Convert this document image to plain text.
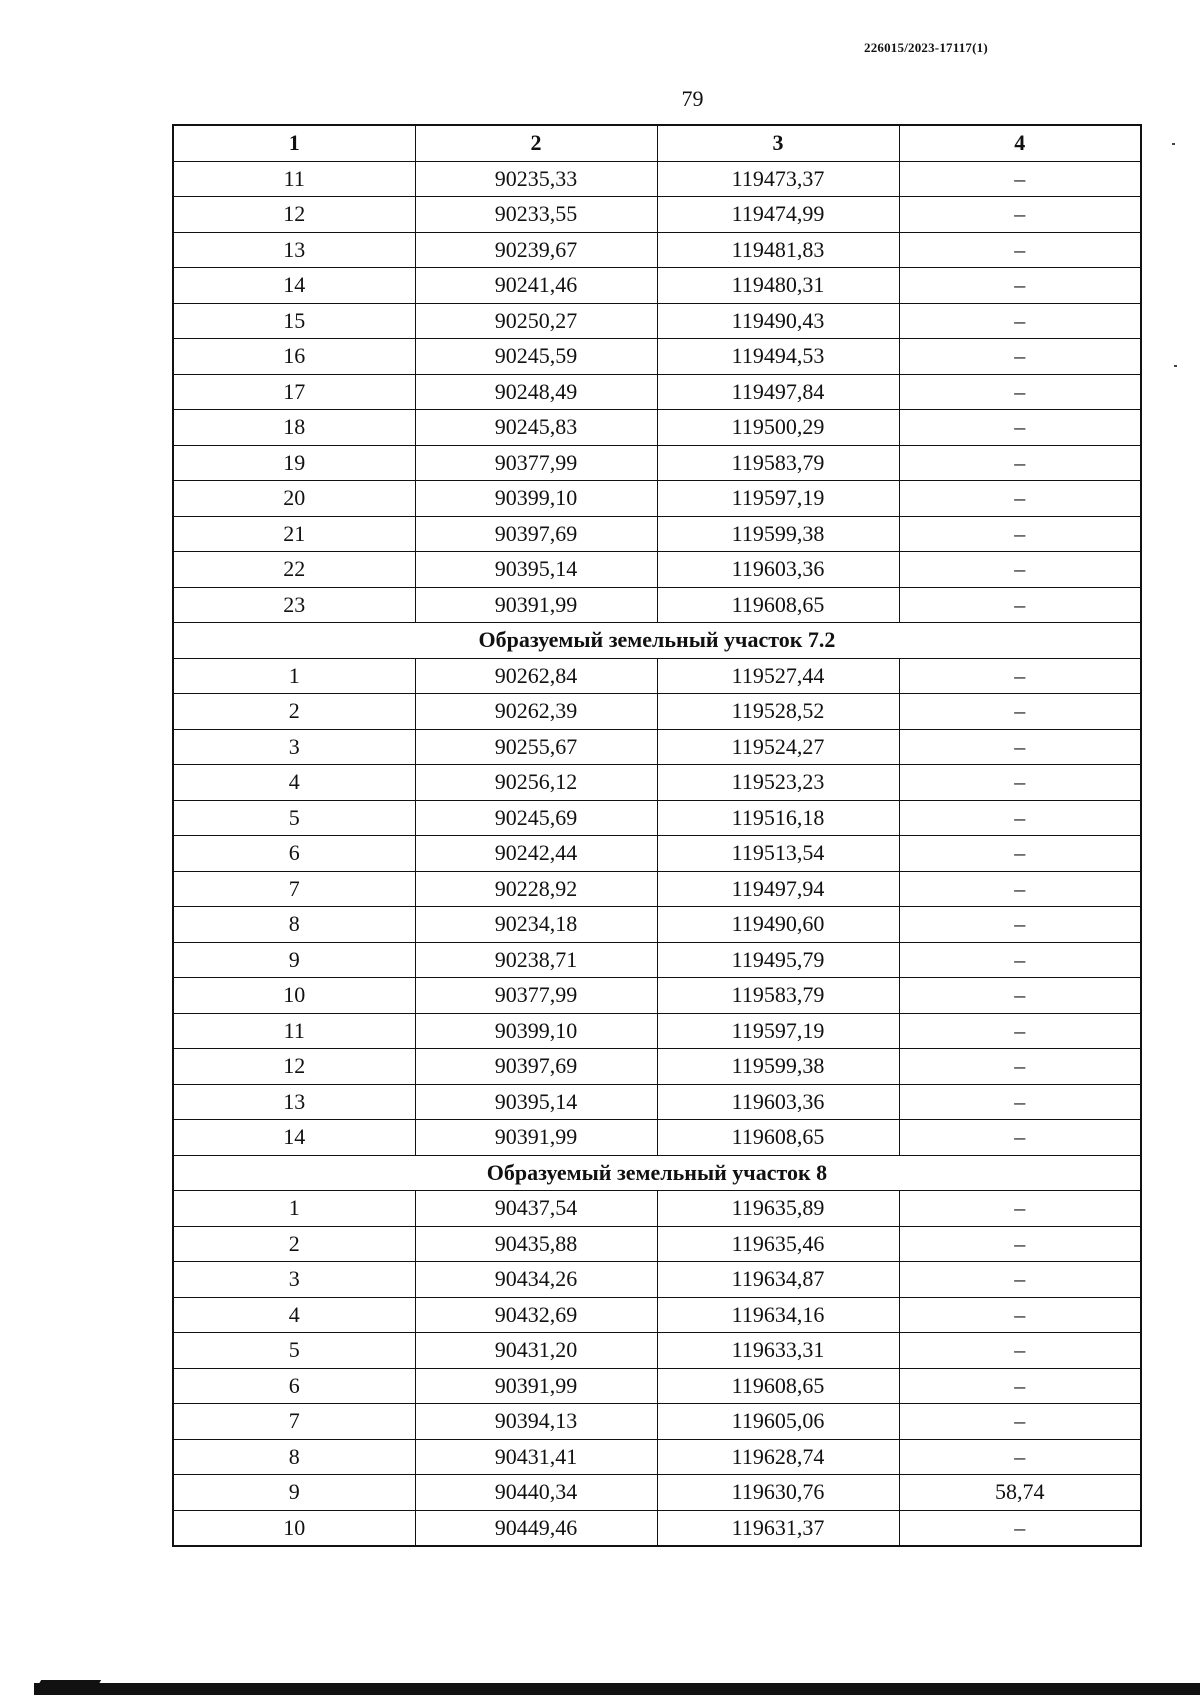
226015/2023-17117(1)
79
1	2	3	4
11	90235,33	119473,37	–
12	90233,55	119474,99	–
13	90239,67	119481,83	–
14	90241,46	119480,31	–
15	90250,27	119490,43	–
16	90245,59	119494,53	–
17	90248,49	119497,84	–
18	90245,83	119500,29	–
19	90377,99	119583,79	–
20	90399,10	119597,19	–
21	90397,69	119599,38	–
22	90395,14	119603,36	–
23	90391,99	119608,65	–
Образуемый земельный участок 7.2			
1	90262,84	119527,44	–
2	90262,39	119528,52	–
3	90255,67	119524,27	–
4	90256,12	119523,23	–
5	90245,69	119516,18	–
6	90242,44	119513,54	–
7	90228,92	119497,94	–
8	90234,18	119490,60	–
9	90238,71	119495,79	–
10	90377,99	119583,79	–
11	90399,10	119597,19	–
12	90397,69	119599,38	–
13	90395,14	119603,36	–
14	90391,99	119608,65	–
Образуемый земельный участок 8			
1	90437,54	119635,89	–
2	90435,88	119635,46	–
3	90434,26	119634,87	–
4	90432,69	119634,16	–
5	90431,20	119633,31	–
6	90391,99	119608,65	–
7	90394,13	119605,06	–
8	90431,41	119628,74	–
9	90440,34	119630,76	58,74
10	90449,46	119631,37	–
